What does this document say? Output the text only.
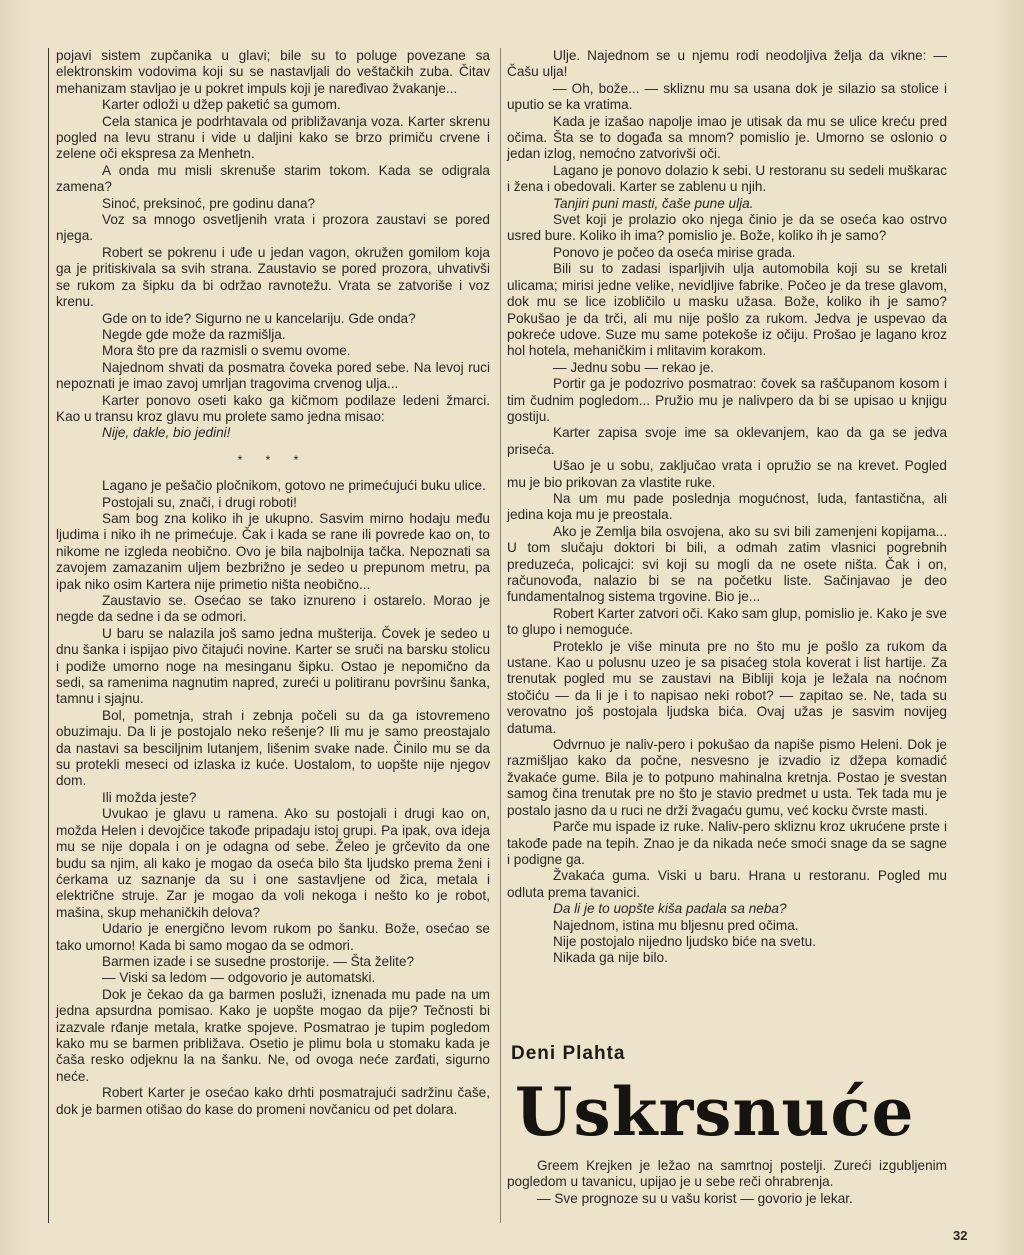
pojavi sistem zupčanika u glavi; bile su to poluge povezane sa elektronskim vodovima koji su se nastavljali do veštačkih zuba. Čitav mehanizam stavljao je u pokret impuls koji je naređivao žvakanje...

Karter odloži u džep paketić sa gumom.

Cela stanica je podrhtavala od približavanja voza. Karter skrenu pogled na levu stranu i vide u daljini kako se brzo primiču crvene i zelene oči ekspresa za Menhetn.

A onda mu misli skrenuše starim tokom. Kada se odigrala zamena?

Sinoć, preksinoć, pre godinu dana?

Voz sa mnogo osvetljenih vrata i prozora zaustavi se pored njega.

Robert se pokrenu i uđe u jedan vagon, okružen gomilom koja ga je pritiskivala sa svih strana. Zaustavio se pored prozora, uhvativši se rukom za šipku da bi održao ravnotežu. Vrata se zatvoriše i voz krenu.

Gde on to ide? Sigurno ne u kancelariju. Gde onda?

Negde gde može da razmišlja.

Mora što pre da razmisli o svemu ovome.

Najednom shvati da posmatra čoveka pored sebe. Na levoj ruci nepoznati je imao zavoj umrljan tragovima crvenog ulja...

Karter ponovo oseti kako ga kičmom podilaze ledeni žmarci. Kao u transu kroz glavu mu prolete samo jedna misao:

Nije, dakle, bio jedini!

* * *

Lagano je pešačio pločnikom, gotovo ne primećujući buku ulice.

Postojali su, znači, i drugi roboti!

Sam bog zna koliko ih je ukupno. Sasvim mirno hodaju među ljudima i niko ih ne primećuje. Čak i kada se rane ili povrede kao on, to nikome ne izgleda neobično. Ovo je bila najbolnija tačka. Nepoznati sa zavojem zamazanim uljem bezbrižno je sedeo u prepunom metru, pa ipak niko osim Kartera nije primetio ništa neobično...

Zaustavio se. Osećao se tako iznureno i ostarelo. Morao je negde da sedne i da se odmori.

U baru se nalazila još samo jedna mušterija. Čovek je sedeo u dnu šanka i ispijao pivo čitajući novine. Karter se sruči na barsku stolicu i podiže umorno noge na mesinganu šipku. Ostao je nepomično da sedi, sa ramenima nagnutim napred, zureći u politiranu površinu šanka, tamnu i sjajnu.

Bol, pometnja, strah i zebnja počeli su da ga istovremeno obuzimaju. Da li je postojalo neko rešenje? Ili mu je samo preostajalo da nastavi sa besciljnim lutanjem, lišenim svake nade. Činilo mu se da su protekli meseci od izlaska iz kuće. Uostalom, to uopšte nije njegov dom.

Ili možda jeste?

Uvukao je glavu u ramena. Ako su postojali i drugi kao on, možda Helen i devojčice takođe pripadaju istoj grupi. Pa ipak, ova ideja mu se nije dopala i on je odagna od sebe. Želeo je grčevito da one budu sa njim, ali kako je mogao da oseća bilo šta ljudsko prema ženi i ćerkama uz saznanje da su i one sastavljene od žica, metala i električne struje. Zar je mogao da voli nekoga i nešto ko je robot, mašina, skup mehaničkih delova?

Udario je energično levom rukom po šanku. Bože, osećao se tako umorno! Kada bi samo mogao da se odmori.

Barmen izade i se susedne prostorije. — Šta želite?

— Viski sa ledom — odgovorio je automatski.

Dok je čekao da ga barmen posluži, iznenada mu pade na um jedna apsurdna pomisao. Kako je uopšte mogao da pije? Tečnosti bi izazvale rđanje metala, kratke spojeve. Posmatrao je tupim pogledom kako mu se barmen približava. Osetio je plimu bola u stomaku kada je čaša resko odjeknu la na šanku. Ne, od ovoga neće zarđati, sigurno neće.

Robert Karter je osećao kako drhti posmatrajući sadržinu čaše, dok je barmen otišao do kase do promeni novčanicu od pet dolara.

Ulje. Najednom se u njemu rodi neodoljiva želja da vikne: — Čašu ulja!

— Oh, bože... — skliznu mu sa usana dok je silazio sa stolice i uputio se ka vratima.

Kada je izašao napolje imao je utisak da mu se ulice kreću pred očima. Šta se to događa sa mnom? pomislio je. Umorno se oslonio o jedan izlog, nemoćno zatvorivši oči.

Lagano je ponovo dolazio k sebi. U restoranu su sedeli muškarac i žena i obedovali. Karter se zablenu u njih.

Tanjiri puni masti, čaše pune ulja.

Svet koji je prolazio oko njega činio je da se oseća kao ostrvo usred bure. Koliko ih ima? pomislio je. Bože, koliko ih je samo?

Ponovo je počeo da oseća mirise grada.

Bili su to zadasi isparljivih ulja automobila koji su se kretali ulicama; mirisi jedne velike, nevidljive fabrike. Počeo je da trese glavom, dok mu se lice izobličilo u masku užasa. Bože, koliko ih je samo? Pokušao je da trči, ali mu nije pošlo za rukom. Jedva je uspevao da pokreće udove. Suze mu same potekoše iz očiju. Prošao je lagano kroz hol hotela, mehaničkim i mlitavim korakom.

— Jednu sobu — rekao je.

Portir ga je podozrivo posmatrao: čovek sa raščupanom kosom i tim čudnim pogledom... Pružio mu je nalivpero da bi se upisao u knjigu gostiju.

Karter zapisa svoje ime sa oklevanjem, kao da ga se jedva priseća.

Ušao je u sobu, zaključao vrata i opružio se na krevet. Pogled mu je bio prikovan za vlastite ruke.

Na um mu pade poslednja mogućnost, luda, fantastična, ali jedina koja mu je preostala.

Ako je Zemlja bila osvojena, ako su svi bili zamenjeni kopijama... U tom slučaju doktori bi bili, a odmah zatim vlasnici pogrebnih preduzeća, policajci: svi koji su mogli da ne osete ništa. Čak i on, računovođa, nalazio bi se na početku liste. Sačinjavao je deo fundamentalnog sistema trgovine. Bio je...

Robert Karter zatvori oči. Kako sam glup, pomislio je. Kako je sve to glupo i nemoguće.

Proteklo je više minuta pre no što mu je pošlo za rukom da ustane. Kao u polusnu uzeo je sa pisaćeg stola koverat i list hartije. Za trenutak pogled mu se zaustavi na Bibliji koja je ležala na noćnom stočiću — da li je i to napisao neki robot? — zapitao se. Ne, tada su verovatno još postojala ljudska bića. Ovaj užas je sasvim novijeg datuma.

Odvrnuo je naliv-pero i pokušao da napiše pismo Heleni. Dok je razmišljao kako da počne, nesvesno je izvadio iz džepa komadić žvakaće gume. Bila je to potpuno mahinalna kretnja. Postao je svestan samog čina trenutak pre no što je stavio predmet u usta. Tek tada mu je postalo jasno da u ruci ne drži žvagaću gumu, već kocku čvrste masti.

Parče mu ispade iz ruke. Naliv-pero skliznu kroz ukrućene prste i takođe pade na tepih. Znao je da nikada neće smoći snage da se sagne i podigne ga.

Žvakaća guma. Viski u baru. Hrana u restoranu. Pogled mu odluta prema tavanici.

Da li je to uopšte kiša padala sa neba?

Najednom, istina mu bljesnu pred očima.

Nije postojalo nijedno ljudsko biće na svetu.

Nikada ga nije bilo.

Deni Plahta
Uskrsnuće

Greem Krejken je ležao na samrtnoj postelji. Zureći izgubljenim pogledom u tavanicu, upijao je u sebe reči ohrabrenja.

— Sve prognoze su u vašu korist — govorio je lekar.

32
